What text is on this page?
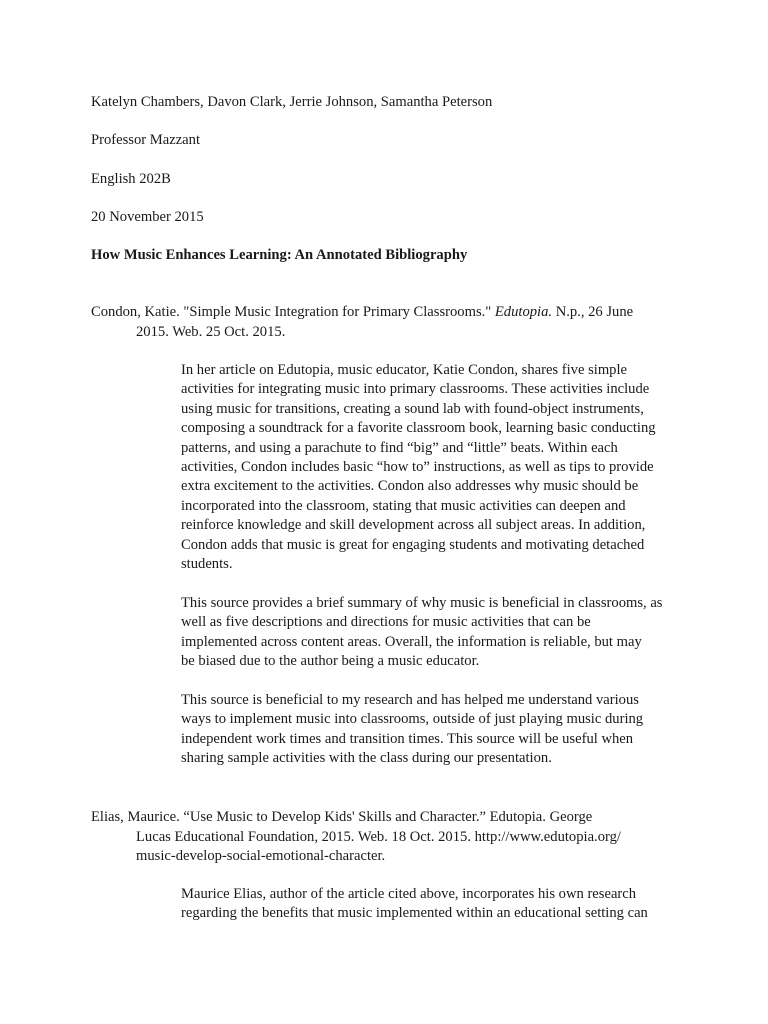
Katelyn Chambers, Davon Clark, Jerrie Johnson, Samantha Peterson
Professor Mazzant
English 202B
20 November 2015
How Music Enhances Learning: An Annotated Bibliography
Condon, Katie. "Simple Music Integration for Primary Classrooms." Edutopia. N.p., 26 June
2015. Web. 25 Oct. 2015.
In her article on Edutopia, music educator, Katie Condon, shares five simple
activities for integrating music into primary classrooms. These activities include
using music for transitions, creating a sound lab with found-object instruments,
composing a soundtrack for a favorite classroom book, learning basic conducting
patterns, and using a parachute to find “big” and “little” beats. Within each
activities, Condon includes basic “how to” instructions, as well as tips to provide
extra excitement to the activities. Condon also addresses why music should be
incorporated into the classroom, stating that music activities can deepen and
reinforce knowledge and skill development across all subject areas. In addition,
Condon adds that music is great for engaging students and motivating detached
students.
This source provides a brief summary of why music is beneficial in classrooms, as
well as five descriptions and directions for music activities that can be
implemented across content areas. Overall, the information is reliable, but may
be biased due to the author being a music educator.
This source is beneficial to my research and has helped me understand various
ways to implement music into classrooms, outside of just playing music during
independent work times and transition times. This source will be useful when
sharing sample activities with the class during our presentation.
Elias, Maurice. “Use Music to Develop Kids' Skills and Character.” Edutopia. George
Lucas Educational Foundation, 2015. Web. 18 Oct. 2015. http://www.edutopia.org/
music-develop-social-emotional-character.
Maurice Elias, author of the article cited above, incorporates his own research
regarding the benefits that music implemented within an educational setting can
